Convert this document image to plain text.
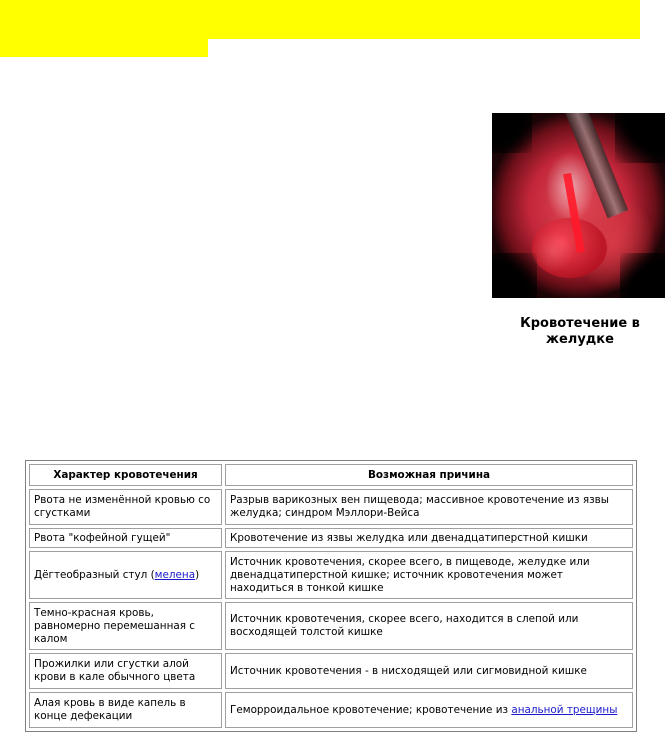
Кровотечение в желудке
Характер кровотечения	Возможная причина
Рвота не изменённой кровью со сгустками	Разрыв варикозных вен пищевода; массивное кровотечение из язвы желудка; синдром Мэллори-Вейса
Рвота "кофейной гущей"	Кровотечение из язвы желудка или двенадцатиперстной кишки
Дёгтеобразный стул (мелена)	Источник кровотечения, скорее всего, в пищеводе, желудке или двенадцатиперстной кишке; источник кровотечения может находиться в тонкой кишке
Темно-красная кровь, равномерно перемешанная с калом	Источник кровотечения, скорее всего, находится в слепой или восходящей толстой кишке
Прожилки или сгустки алой крови в кале обычного цвета	Источник кровотечения - в нисходящей или сигмовидной кишке
Алая кровь в виде капель в конце дефекации	Геморроидальное кровотечение; кровотечение из анальной трещины
